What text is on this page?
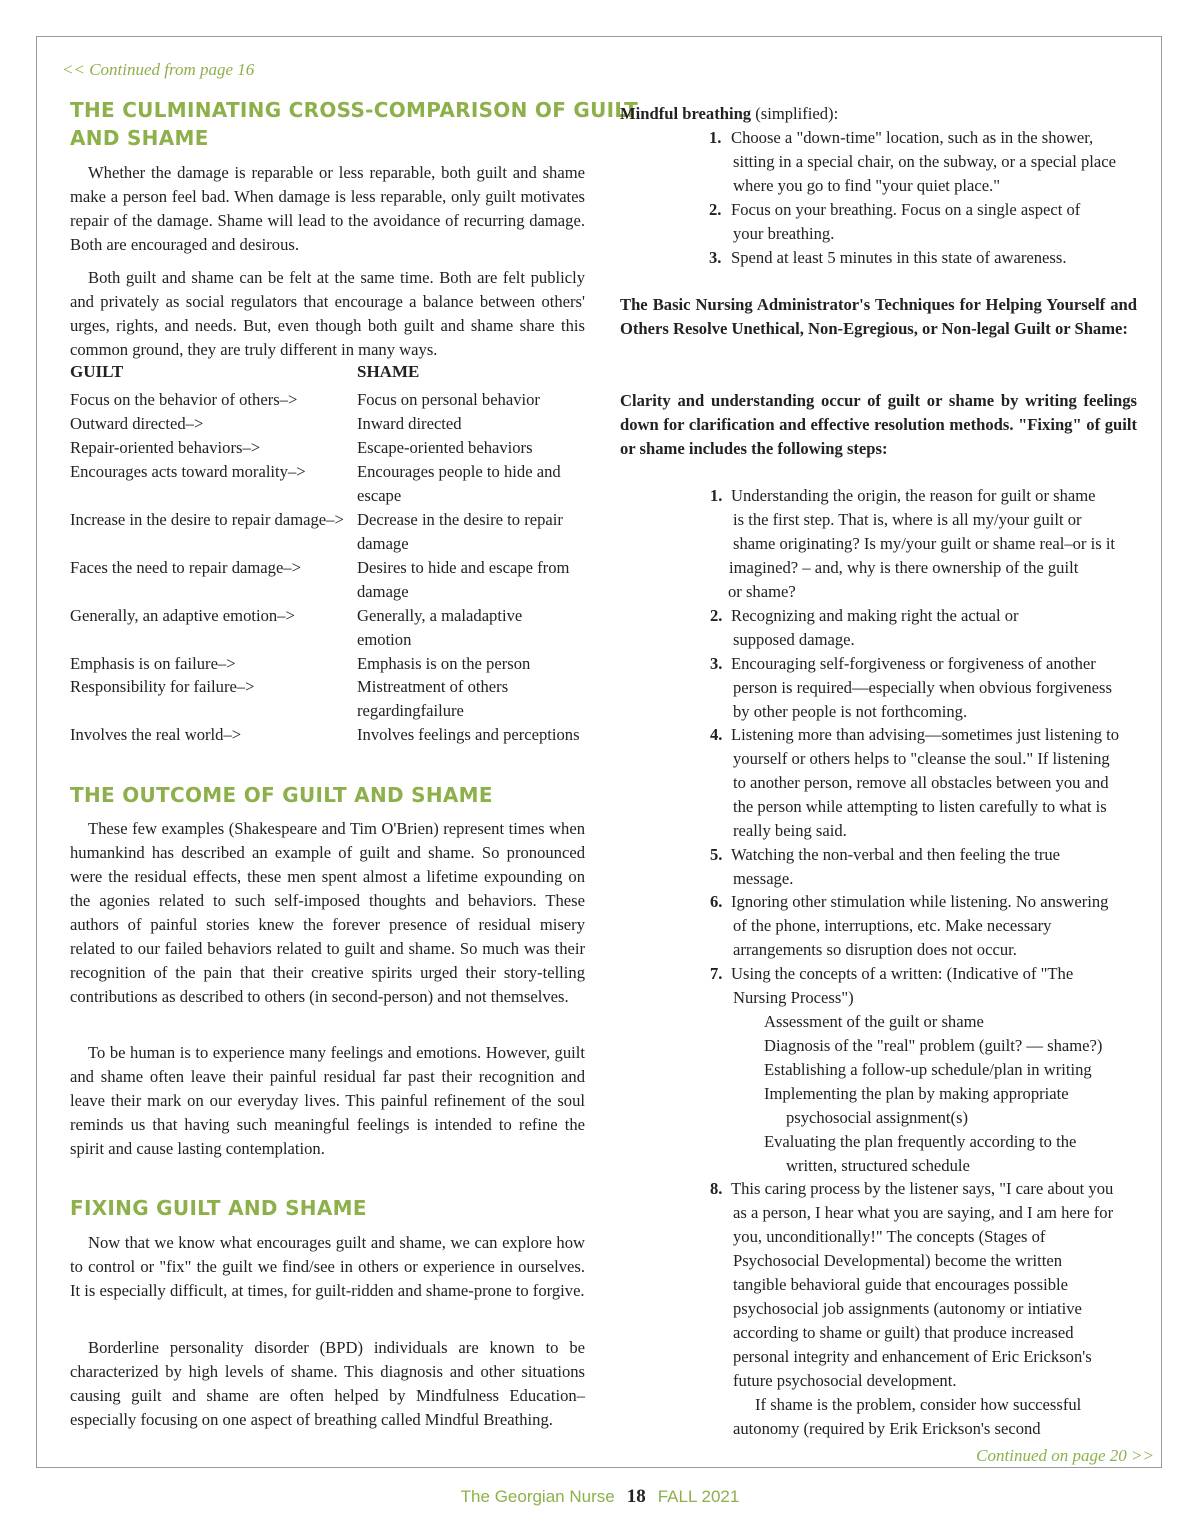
<< Continued from page 16
THE CULMINATING CROSS-COMPARISON OF GUILT
AND SHAME

Whether the damage is reparable or less reparable, both guilt and shame make a person feel bad. When damage is less reparable, only guilt motivates repair of the damage. Shame will lead to the avoidance of recurring damage. Both are encouraged and desirous.

Both guilt and shame can be felt at the same time. Both are felt publicly and privately as social regulators that encourage a balance between others' urges, rights, and needs. But, even though both guilt and shame share this common ground, they are truly different in many ways.

GUILT	SHAME
Focus on the behavior of others–>	Focus on personal behavior
Outward directed–>	Inward directed
Repair-oriented behaviors–>	Escape-oriented behaviors
Encourages acts toward morality–>	Encourages people to hide and escape
Increase in the desire to repair damage–> Decrease in the desire to repair damage
Faces the need to repair damage–>	Desires to hide and escape from damage
Generally, an adaptive emotion–>	Generally, a maladaptive emotion
Emphasis is on failure–>	Emphasis is on the person
Responsibility for failure–>	Mistreatment of others regardingfailure
Involves the real world–>	Involves feelings and perceptions
THE OUTCOME OF GUILT AND SHAME

These few examples (Shakespeare and Tim O'Brien) represent times when humankind has described an example of guilt and shame. So pronounced were the residual effects, these men spent almost a lifetime expounding on the agonies related to such self-imposed thoughts and behaviors. These authors of painful stories knew the forever presence of residual misery related to our failed behaviors related to guilt and shame. So much was their recognition of the pain that their creative spirits urged their story-telling contributions as described to others (in second-person) and not themselves.

To be human is to experience many feelings and emotions. However, guilt and shame often leave their painful residual far past their recognition and leave their mark on our everyday lives. This painful refinement of the soul reminds us that having such meaningful feelings is intended to refine the spirit and cause lasting contemplation.

FIXING GUILT AND SHAME

Now that we know what encourages guilt and shame, we can explore how to control or "fix" the guilt we find/see in others or experience in ourselves. It is especially difficult, at times, for guilt-ridden and shame-prone to forgive.

Borderline personality disorder (BPD) individuals are known to be characterized by high levels of shame. This diagnosis and other situations causing guilt and shame are often helped by Mindfulness Education–especially focusing on one aspect of breathing called Mindful Breathing.

Mindful breathing (simplified):
1. Choose a "down-time" location, such as in the shower,
sitting in a special chair, on the subway, or a special place
where you go to find "your quiet place."
2. Focus on your breathing. Focus on a single aspect of
your breathing.
3. Spend at least 5 minutes in this state of awareness.
The Basic Nursing Administrator's Techniques for Helping Yourself and Others Resolve Unethical, Non-Egregious, or Non-legal Guilt or Shame:
Clarity and understanding occur of guilt or shame by writing feelings down for clarification and effective resolution methods. "Fixing" of guilt or shame includes the following steps:
1. Understanding the origin, the reason for guilt or shame
is the first step. That is, where is all my/your guilt or
shame originating? Is my/your guilt or shame real–or is it
imagined? – and, why is there ownership of the guilt
or shame?
2. Recognizing and making right the actual or
supposed damage.
3. Encouraging self-forgiveness or forgiveness of another
person is required—especially when obvious forgiveness
by other people is not forthcoming.
4. Listening more than advising—sometimes just listening to
yourself or others helps to "cleanse the soul." If listening
to another person, remove all obstacles between you and
the person while attempting to listen carefully to what is
really being said.
5. Watching the non-verbal and then feeling the true
message.
6. Ignoring other stimulation while listening. No answering
of the phone, interruptions, etc. Make necessary
arrangements so disruption does not occur.
7. Using the concepts of a written: (Indicative of "The
Nursing Process")
Assessment of the guilt or shame
Diagnosis of the "real" problem (guilt? — shame?)
Establishing a follow-up schedule/plan in writing
Implementing the plan by making appropriate
psychosocial assignment(s)
Evaluating the plan frequently according to the
written, structured schedule
8. This caring process by the listener says, "I care about you
as a person, I hear what you are saying, and I am here for
you, unconditionally!" The concepts (Stages of
Psychosocial Developmental) become the written
tangible behavioral guide that encourages possible
psychosocial job assignments (autonomy or intiative
according to shame or guilt) that produce increased
personal integrity and enhancement of Eric Erickson's
future psychosocial development.
If shame is the problem, consider how successful
autonomy (required by Erik Erickson's second
Continued on page 20 >>
The Georgian Nurse 18 FALL 2021
